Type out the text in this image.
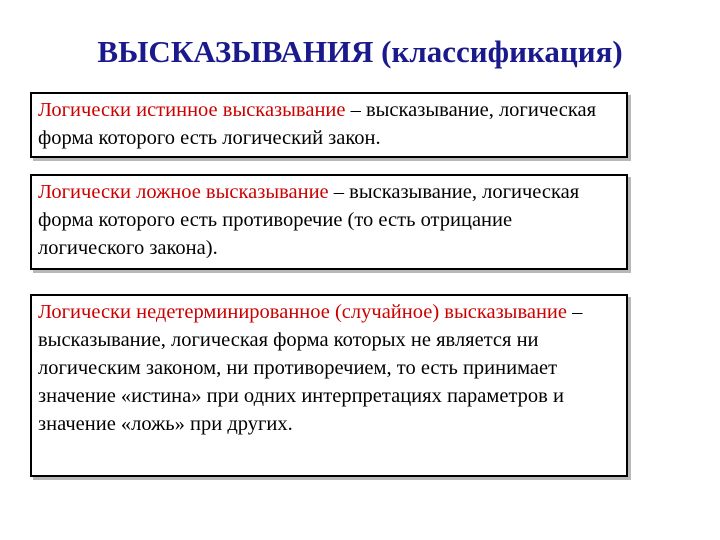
ВЫСКАЗЫВАНИЯ (классификация)
Логически истинное высказывание – высказывание, логическая форма которого есть логический закон.
Логически ложное высказывание – высказывание, логическая форма которого есть противоречие (то есть отрицание логического закона).
Логически недетерминированное (случайное) высказывание – высказывание, логическая форма которых не является ни логическим законом, ни противоречием, то есть принимает значение «истина» при одних интерпретациях параметров и значение «ложь» при других.
